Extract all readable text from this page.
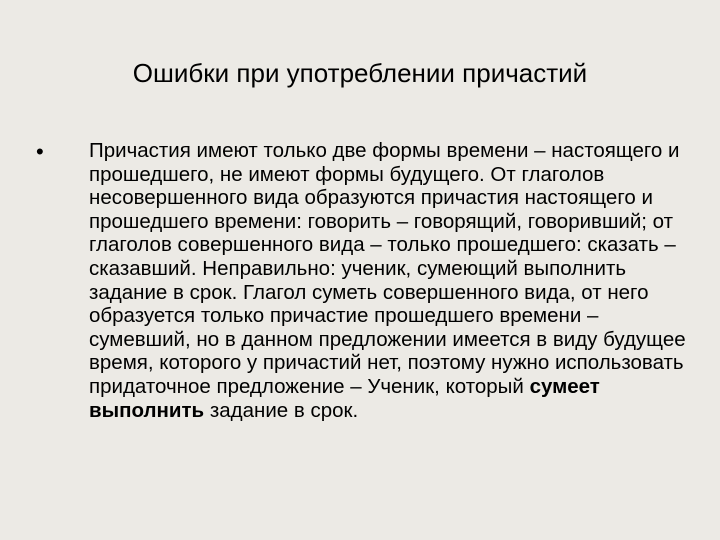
Ошибки при употреблении причастий
• Причастия имеют только две формы времени – настоящего и прошедшего, не имеют формы будущего. От глаголов несовершенного вида образуются причастия настоящего и прошедшего времени: говорить – говорящий, говоривший; от глаголов совершенного вида – только прошедшего: сказать – сказавший. Неправильно: ученик, сумеющий выполнить задание в срок. Глагол суметь совершенного вида, от него образуется только причастие прошедшего времени – сумевший, но в данном предложении имеется в виду будущее время, которого у причастий нет, поэтому нужно использовать придаточное предложение – Ученик, который сумеет выполнить задание в срок.
